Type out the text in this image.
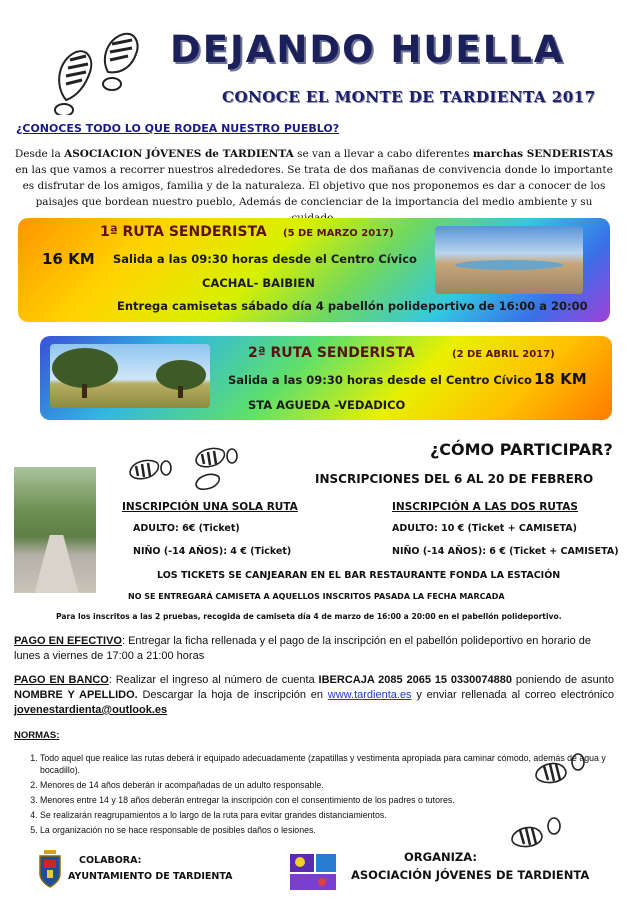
DEJANDO HUELLA
CONOCE EL MONTE DE TARDIENTA 2017
¿CONOCES TODO LO QUE RODEA NUESTRO PUEBLO?
Desde la ASOCIACION JÓVENES de TARDIENTA se van a llevar a cabo diferentes marchas SENDERISTAS en las que vamos a recorrer nuestros alrededores. Se trata de dos mañanas de convivencia donde lo importante es disfrutar de los amigos, familia y de la naturaleza. El objetivo que nos proponemos es dar a conocer de los paisajes que bordean nuestro pueblo, Además de concienciar de la importancia del medio ambiente y su
1ª RUTA SENDERISTA (5 DE MARZO 2017)
16 KM Salida a las 09:30 horas desde el Centro Cívico
CACHAL- BAIBIEN
Entrega camisetas sábado día 4 pabellón polideportivo de 16:00 a 20:00
2ª RUTA SENDERISTA	(2 DE ABRIL 2017)
Salida a las 09:30 horas desde el Centro Cívico 18 KM
STA AGUEDA -VEDADICO
¿CÓMO PARTICIPAR?
INSCRIPCIONES DEL 6 AL 20 DE FEBRERO
INSCRIPCIÓN UNA SOLA RUTA
ADULTO: 6€ (Ticket)
NIÑO (-14 AÑOS): 4 € (Ticket)
INSCRIPCIÓN A LAS DOS RUTAS
ADULTO: 10 € (Ticket + CAMISETA)
NIÑO (-14 AÑOS): 6 € (Ticket + CAMISETA)
LOS TICKETS SE CANJEARAN EN EL BAR RESTAURANTE FONDA LA ESTACIÓN
NO SE ENTREGARÁ CAMISETA A AQUELLOS INSCRITOS PASADA LA FECHA MARCADA
Para los inscritos a las 2 pruebas, recogida de camiseta día 4 de marzo de 16:00 a 20:00 en el pabellón polideportivo.
PAGO EN EFECTIVO: Entregar la ficha rellenada y el pago de la inscripción en el pabellón polideportivo en horario de lunes a viernes de 17:00 a 21:00 horas
PAGO EN BANCO: Realizar el ingreso al número de cuenta IBERCAJA 2085 2065 15 0330074880 poniendo de asunto NOMBRE Y APELLIDO. Descargar la hoja de inscripción en www.tardienta.es y enviar rellenada al correo electrónico jovenestardienta@outlook.es
NORMAS:
1. Todo aquel que realice las rutas deberá ir equipado adecuadamente (zapatillas y vestimenta apropiada para caminar cómodo, además de agua y bocadillo).
2. Menores de 14 años deberán ir acompañadas de un adulto responsable.
3. Menores entre 14 y 18 años deberán entregar la inscripción con el consentimiento de los padres o tutores.
4. Se realizarán reagrupamientos a lo largo de la ruta para evitar grandes distanciamientos.
5. La organización no se hace responsable de posibles daños o lesiones.
COLABORA:
AYUNTAMIENTO DE TARDIENTA
ORGANIZA:
ASOCIACIÓN JÓVENES DE TARDIENTA
